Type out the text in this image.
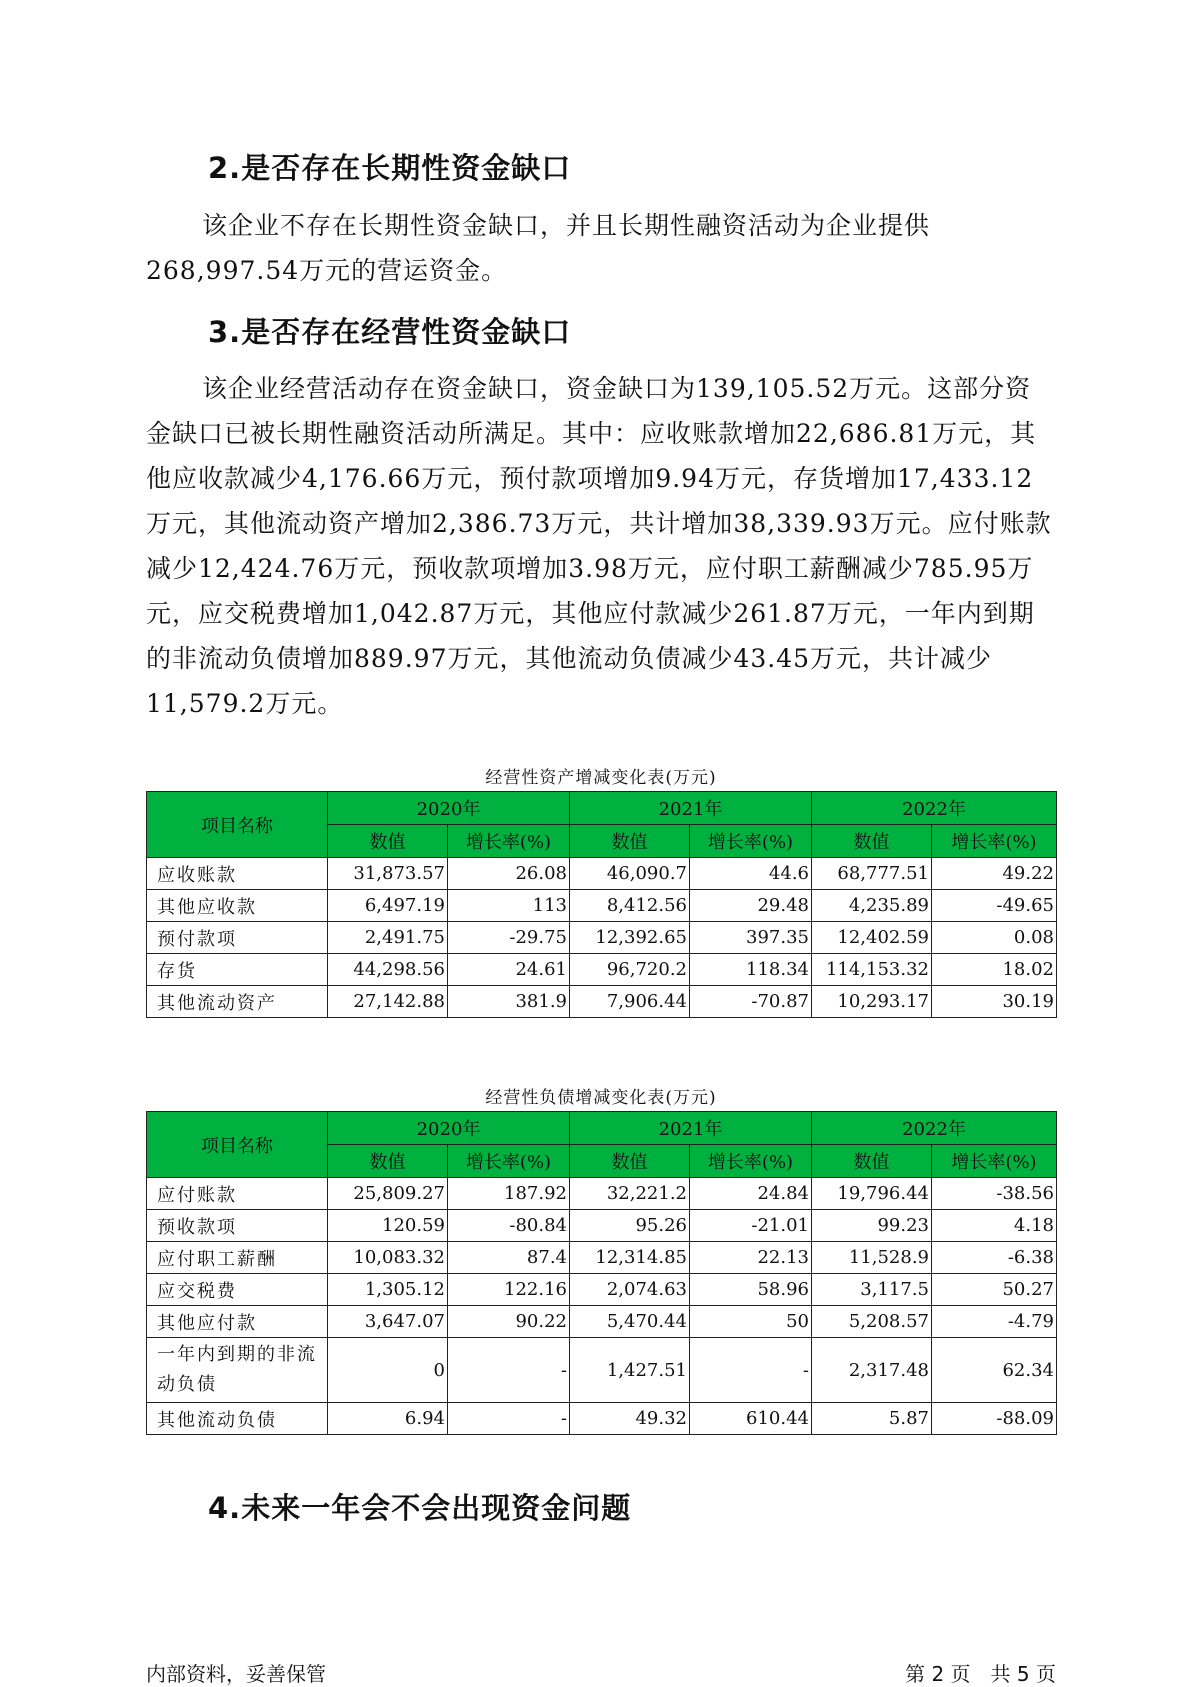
2.是否存在长期性资金缺口

该企业不存在长期性资金缺口，并且长期性融资活动为企业提供268,997.54万元的营运资金。

3.是否存在经营性资金缺口

该企业经营活动存在资金缺口，资金缺口为139,105.52万元。这部分资金缺口已被长期性融资活动所满足。其中：应收账款增加22,686.81万元，其他应收款减少4,176.66万元，预付款项增加9.94万元，存货增加17,433.12万元，其他流动资产增加2,386.73万元，共计增加38,339.93万元。应付账款减少12,424.76万元，预收款项增加3.98万元，应付职工薪酬减少785.95万元，应交税费增加1,042.87万元，其他应付款减少261.87万元，一年内到期的非流动负债增加889.97万元，其他流动负债减少43.45万元，共计减少11,579.2万元。

经营性资产增减变化表(万元)
项目名称	2020年		2021年		2022年	
	数值	增长率(%)	数值	增长率(%)	数值	增长率(%)
应收账款	31,873.57	26.08	46,090.7	44.6	68,777.51	49.22
其他应收款	6,497.19	113	8,412.56	29.48	4,235.89	-49.65
预付款项	2,491.75	-29.75	12,392.65	397.35	12,402.59	0.08
存货	44,298.56	24.61	96,720.2	118.34	114,153.32	18.02
其他流动资产	27,142.88	381.9	7,906.44	-70.87	10,293.17	30.19
经营性负债增减变化表(万元)
项目名称	2020年		2021年		2022年	
	数值	增长率(%)	数值	增长率(%)	数值	增长率(%)
应付账款	25,809.27	187.92	32,221.2	24.84	19,796.44	-38.56
预收款项	120.59	-80.84	95.26	-21.01	99.23	4.18
应付职工薪酬	10,083.32	87.4	12,314.85	22.13	11,528.9	-6.38
应交税费	1,305.12	122.16	2,074.63	58.96	3,117.5	50.27
其他应付款	3,647.07	90.22	5,470.44	50	5,208.57	-4.79
一年内到期的非流动负债	0	-	1,427.51	-	2,317.48	62.34
其他流动负债	6.94	-	49.32	610.44	5.87	-88.09
4.未来一年会不会出现资金问题
内部资料，妥善保管	第 2 页　共 5 页
